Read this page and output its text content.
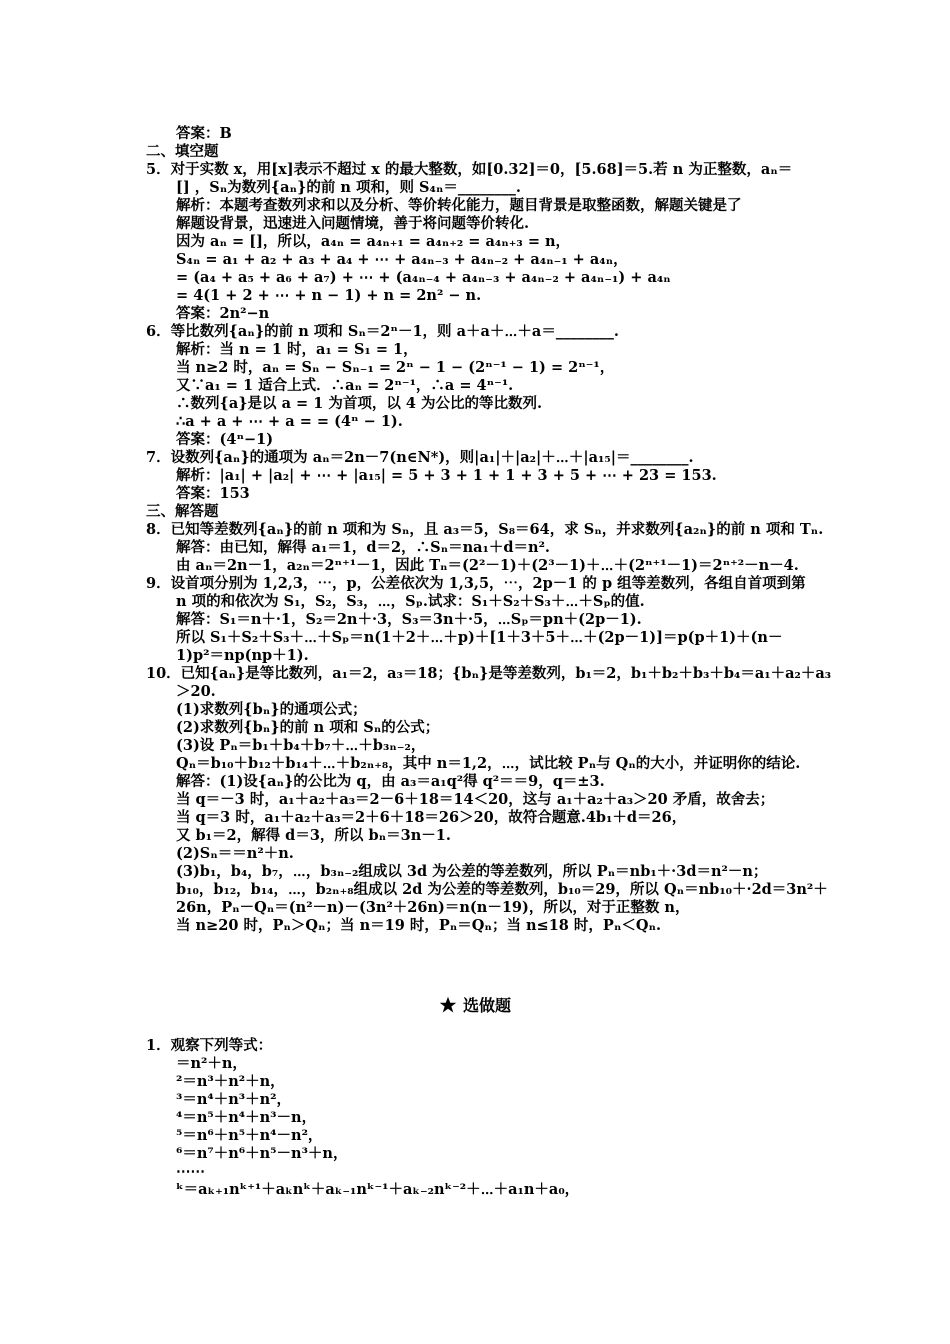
答案：B
二、填空题
5．对于实数 x，用[x]表示不超过 x 的最大整数，如[0.32]＝0，[5.68]＝5.若 n 为正整数，aₙ＝
[] ，Sₙ为数列{aₙ}的前 n 项和，则 S₄ₙ＝________.
解析：本题考查数列求和以及分析、等价转化能力，题目背景是取整函数，解题关键是了
解题设背景，迅速进入问题情境，善于将问题等价转化.
因为 aₙ = []，所以，a₄ₙ = a₄ₙ₊₁ = a₄ₙ₊₂ = a₄ₙ₊₃ = n，
S₄ₙ = a₁ + a₂ + a₃ + a₄ + ⋯ + a₄ₙ₋₃ + a₄ₙ₋₂ + a₄ₙ₋₁ + a₄ₙ，
= (a₄ + a₅ + a₆ + a₇) + ⋯ + (a₄ₙ₋₄ + a₄ₙ₋₃ + a₄ₙ₋₂ + a₄ₙ₋₁) + a₄ₙ
= 4(1 + 2 + ⋯ + n − 1) + n = 2n² − n.
答案：2n²−n
6．等比数列{aₙ}的前 n 项和 Sₙ＝2ⁿ－1，则 a＋a＋⋯＋a＝________.
解析：当 n = 1 时，a₁ = S₁ = 1，
当 n≥2 时，aₙ = Sₙ − Sₙ₋₁ = 2ⁿ − 1 − (2ⁿ⁻¹ − 1) = 2ⁿ⁻¹，
又∵a₁ = 1 适合上式．∴aₙ = 2ⁿ⁻¹，∴a = 4ⁿ⁻¹.
∴数列{a}是以 a = 1 为首项，以 4 为公比的等比数列.
∴a + a + ⋯ + a = = (4ⁿ − 1).
答案：(4ⁿ−1)
7．设数列{aₙ}的通项为 aₙ＝2n－7(n∈N*)，则|a₁|＋|a₂|＋⋯＋|a₁₅|＝________.
解析：|a₁| + |a₂| + ⋯ + |a₁₅| = 5 + 3 + 1 + 1 + 3 + 5 + ⋯ + 23 = 153.
答案：153
三、解答题
8．已知等差数列{aₙ}的前 n 项和为 Sₙ，且 a₃＝5，S₈＝64，求 Sₙ，并求数列{a₂ₙ}的前 n 项和 Tₙ.
解答：由已知，解得 a₁＝1，d＝2，∴Sₙ＝na₁＋d＝n².
由 aₙ＝2n－1，a₂ₙ＝2ⁿ⁺¹－1，因此 Tₙ＝(2²－1)＋(2³－1)＋⋯＋(2ⁿ⁺¹－1)＝2ⁿ⁺²－n－4.
9．设首项分别为 1,2,3，⋯，p，公差依次为 1,3,5，⋯，2p－1 的 p 组等差数列，各组自首项到第
n 项的和依次为 S₁，S₂，S₃，⋯，Sₚ.试求：S₁＋S₂＋S₃＋⋯＋Sₚ的值.
解答：S₁＝n＋·1，S₂＝2n＋·3，S₃＝3n＋·5，⋯Sₚ＝pn＋(2p－1).
所以 S₁＋S₂＋S₃＋⋯＋Sₚ＝n(1＋2＋⋯＋p)＋[1＋3＋5＋⋯＋(2p－1)]＝p(p＋1)＋(n－
1)p²＝np(np＋1).
10．已知{aₙ}是等比数列，a₁＝2，a₃＝18；{bₙ}是等差数列，b₁＝2，b₁＋b₂＋b₃＋b₄＝a₁＋a₂＋a₃
＞20.
(1)求数列{bₙ}的通项公式；
(2)求数列{bₙ}的前 n 项和 Sₙ的公式；
(3)设 Pₙ＝b₁＋b₄＋b₇＋⋯＋b₃ₙ₋₂，
Qₙ＝b₁₀＋b₁₂＋b₁₄＋⋯＋b₂ₙ₊₈，其中 n＝1,2，⋯，试比较 Pₙ与 Qₙ的大小，并证明你的结论.
解答：(1)设{aₙ}的公比为 q，由 a₃＝a₁q²得 q²＝＝9，q＝±3.
当 q＝－3 时，a₁＋a₂＋a₃＝2－6＋18＝14＜20，这与 a₁＋a₂＋a₃＞20 矛盾，故舍去；
当 q＝3 时，a₁＋a₂＋a₃＝2＋6＋18＝26＞20，故符合题意.4b₁＋d＝26，
又 b₁＝2，解得 d＝3，所以 bₙ＝3n－1.
(2)Sₙ＝＝n²＋n.
(3)b₁，b₄，b₇，⋯，b₃ₙ₋₂组成以 3d 为公差的等差数列，所以 Pₙ＝nb₁＋·3d＝n²－n；
b₁₀，b₁₂，b₁₄，⋯，b₂ₙ₊₈组成以 2d 为公差的等差数列，b₁₀＝29，所以 Qₙ＝nb₁₀＋·2d＝3n²＋
26n，Pₙ－Qₙ＝(n²－n)－(3n²＋26n)＝n(n－19)，所以，对于正整数 n，
当 n≥20 时，Pₙ＞Qₙ；当 n＝19 时，Pₙ＝Qₙ；当 n≤18 时，Pₙ＜Qₙ.
选做题
1．观察下列等式：
＝n²＋n，
²＝n³＋n²＋n，
³＝n⁴＋n³＋n²，
⁴＝n⁵＋n⁴＋n³－n，
⁵＝n⁶＋n⁵＋n⁴－n²，
⁶＝n⁷＋n⁶＋n⁵－n³＋n，
⋯⋯
ᵏ＝aₖ₊₁nᵏ⁺¹＋aₖnᵏ＋aₖ₋₁nᵏ⁻¹＋aₖ₋₂nᵏ⁻²＋⋯＋a₁n＋a₀，
